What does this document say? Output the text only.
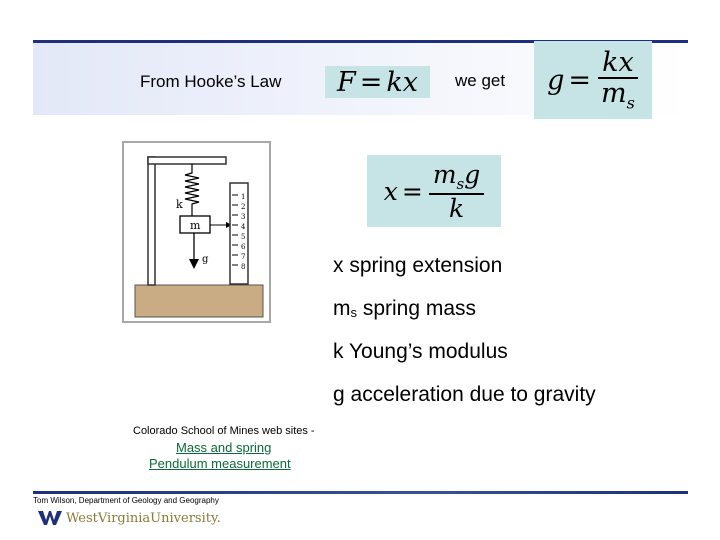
From Hooke’s Law F = kx we get $g = \frac{kx}{m_s}$
$x = \frac{m_sg}{k}$
1
2
3
4
5
6
7
8
k
m
g	x spring extension
$m_s$ spring mass
k Young’s modulus
g acceleration due to gravity
Colorado School of Mines web sites -
Mass and spring
Pendulum measurement
Tom Wilson, Department of Geology and Geography
WestVirginiaUniversity.
